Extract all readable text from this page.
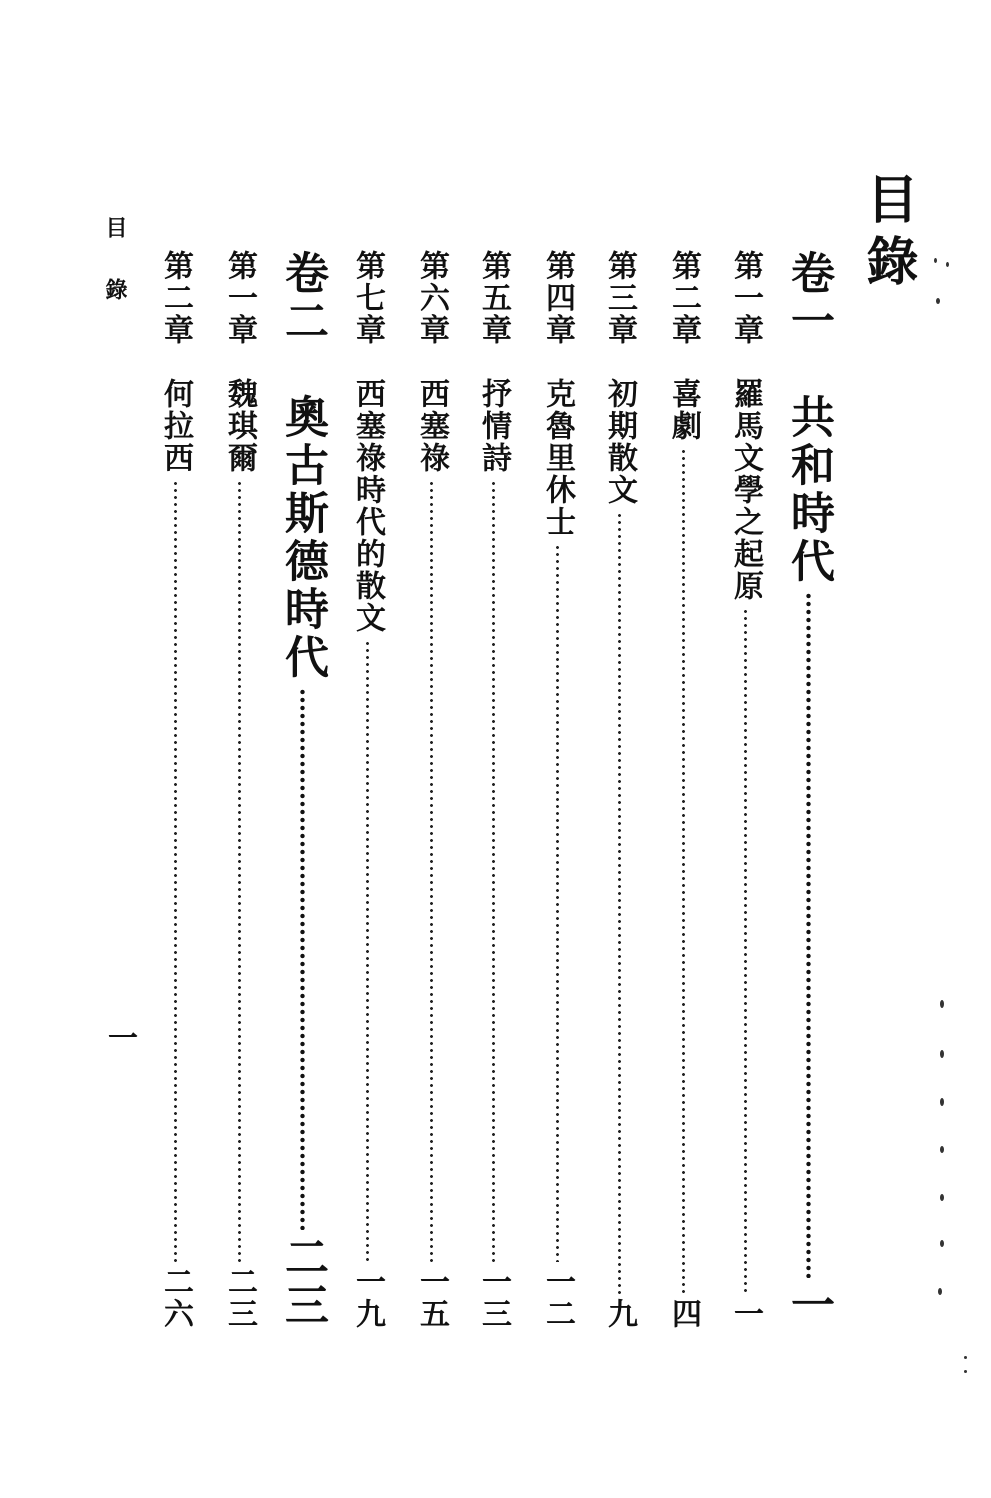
目錄
卷一　共和時代
一
第一章　羅馬文學之起原
一
第二章　喜劇
四
第三章　初期散文
九
第四章　克魯里休士
一二
第五章　抒情詩
一三
第六章　西塞祿
一五
第七章　西塞祿時代的散文
一九
卷二　奧古斯德時代
二三
第一章　魏琪爾
二三
第二章　何拉西
二六
目錄
一
